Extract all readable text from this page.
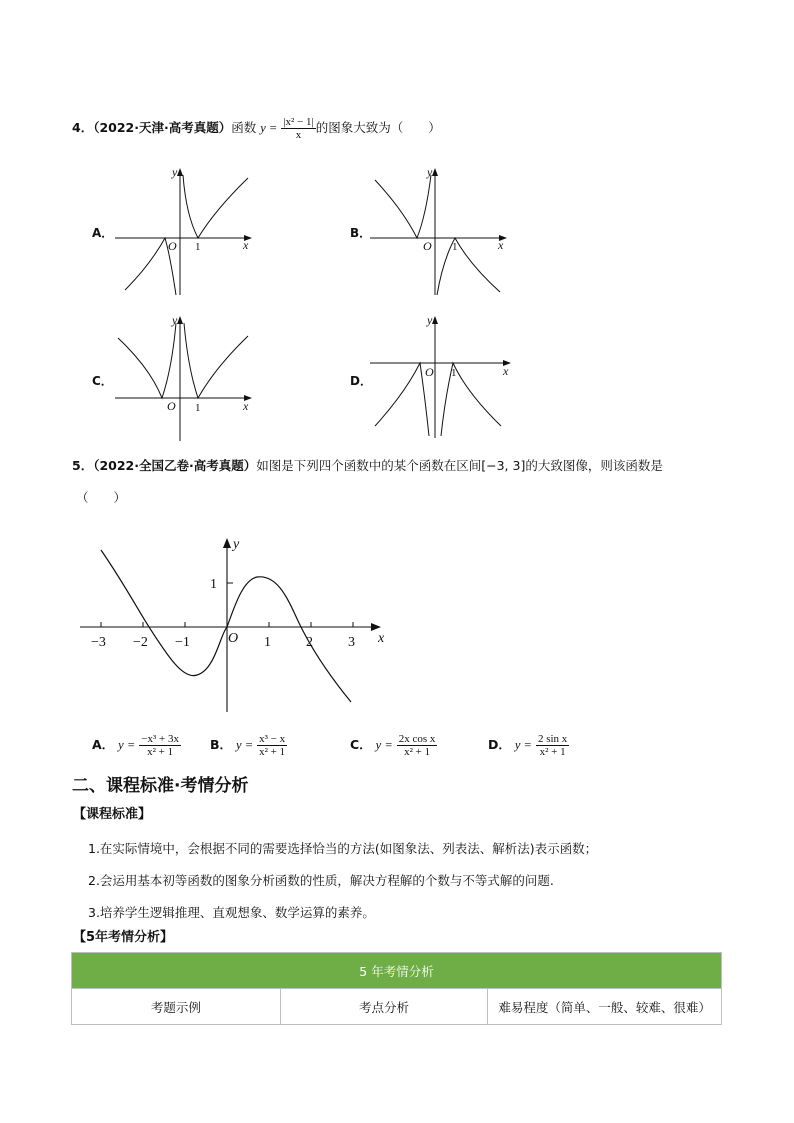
4．（2022·天津·高考真题）函数 $y = \frac{\text{|x² − 1|}}{x}$ 的图象大致为（　　）
A．
y
x
O 1
B．
y
x
O 1
C．
y
x
O 1
D．
y
x
O 1
5．（2022·全国乙卷·高考真题）如图是下列四个函数中的某个函数在区间[−3, 3]的大致图像，则该函数是
（　　）
y
x
O
1
−3 −2 −1	1	2	3
A． $y = \frac{\text{−x³ + 3x}}{\text{x² + 1}}$ B． $y = \frac{\text{x³ − x}}{\text{x² + 1}}$	C． $y = \frac{\text{2x cos x}}{\text{x² + 1}}$	D． $y = \frac{\text{2 sin x}}{\text{x² + 1}}$
二、课程标准·考情分析
【课程标准】
1.在实际情境中，会根据不同的需要选择恰当的方法(如图象法、列表法、解析法)表示函数；
2.会运用基本初等函数的图象分析函数的性质，解决方程解的个数与不等式解的问题.
3.培养学生逻辑推理、直观想象、数学运算的素养。
【5年考情分析】
5 年考情分析
考题示例	考点分析	难易程度（简单、一般、较难、很难）
